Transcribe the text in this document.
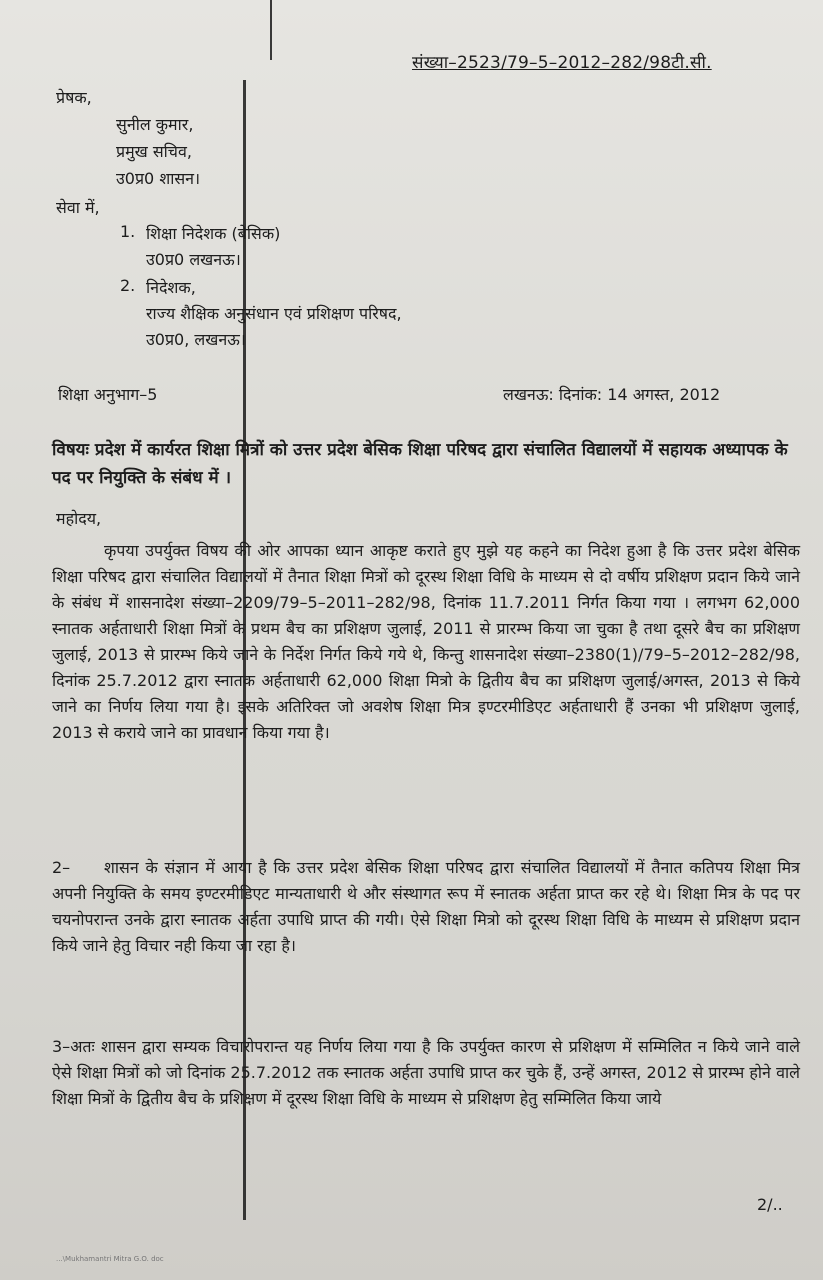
संख्या–2523/79–5–2012–282/98टी.सी.
प्रेषक,
सुनील कुमार,
प्रमुख सचिव,
उ0प्र0 शासन।
सेवा में,
1. शिक्षा निदेशक (बेसिक)
उ0प्र0 लखनऊ।
2. निदेशक,
राज्य शैक्षिक अनुसंधान एवं प्रशिक्षण परिषद,
उ0प्र0, लखनऊ।
शिक्षा अनुभाग–5	लखनऊ: दिनांक: 14 अगस्त, 2012
विषयः प्रदेश में कार्यरत शिक्षा मित्रों को उत्तर प्रदेश बेसिक शिक्षा परिषद द्वारा संचालित विद्यालयों में सहायक अध्यापक के पद पर नियुक्ति के संबंध में ।
महोदय,
कृपया उपर्युक्त विषय की ओर आपका ध्यान आकृष्ट कराते हुए मुझे यह कहने का निदेश हुआ है कि उत्तर प्रदेश बेसिक शिक्षा परिषद द्वारा संचालित विद्यालयों में तैनात शिक्षा मित्रों को दूरस्थ शिक्षा विधि के माध्यम से दो वर्षीय प्रशिक्षण प्रदान किये जाने के संबंध में शासनादेश संख्या–2209/79–5–2011–282/98, दिनांक 11.7.2011 निर्गत किया गया । लगभग 62,000 स्नातक अर्हताधारी शिक्षा मित्रों के प्रथम बैच का प्रशिक्षण जुलाई, 2011 से प्रारम्भ किया जा चुका है तथा दूसरे बैच का प्रशिक्षण जुलाई, 2013 से प्रारम्भ किये जाने के निर्देश निर्गत किये गये थे, किन्तु शासनादेश संख्या–2380(1)/79–5–2012–282/98, दिनांक 25.7.2012 द्वारा स्नातक अर्हताधारी 62,000 शिक्षा मित्रो के द्वितीय बैच का प्रशिक्षण जुलाई/अगस्त, 2013 से किये जाने का निर्णय लिया गया है। इसके अतिरिक्त जो अवशेष शिक्षा मित्र इण्टरमीडिएट अर्हताधारी हैं उनका भी प्रशिक्षण जुलाई, 2013 से कराये जाने का प्रावधान किया गया है।
2– शासन के संज्ञान में आया है कि उत्तर प्रदेश बेसिक शिक्षा परिषद द्वारा संचालित विद्यालयों में तैनात कतिपय शिक्षा मित्र अपनी नियुक्ति के समय इण्टरमीडिएट मान्यताधारी थे और संस्थागत रूप में स्नातक अर्हता प्राप्त कर रहे थे। शिक्षा मित्र के पद पर चयनोपरान्त उनके द्वारा स्नातक अर्हता उपाधि प्राप्त की गयी। ऐसे शिक्षा मित्रो को दूरस्थ शिक्षा विधि के माध्यम से प्रशिक्षण प्रदान किये जाने हेतु विचार नही किया जा रहा है।
3–अतः शासन द्वारा सम्यक विचारोपरान्त यह निर्णय लिया गया है कि उपर्युक्त कारण से प्रशिक्षण में सम्मिलित न किये जाने वाले ऐसे शिक्षा मित्रों को जो दिनांक 25.7.2012 तक स्नातक अर्हता उपाधि प्राप्त कर चुके हैं, उन्हें अगस्त, 2012 से प्रारम्भ होने वाले शिक्षा मित्रों के द्वितीय बैच के प्रशिक्षण में दूरस्थ शिक्षा विधि के माध्यम से प्रशिक्षण हेतु सम्मिलित किया जाये
2/..
...\Mukhamantri Mitra G.O. doc
